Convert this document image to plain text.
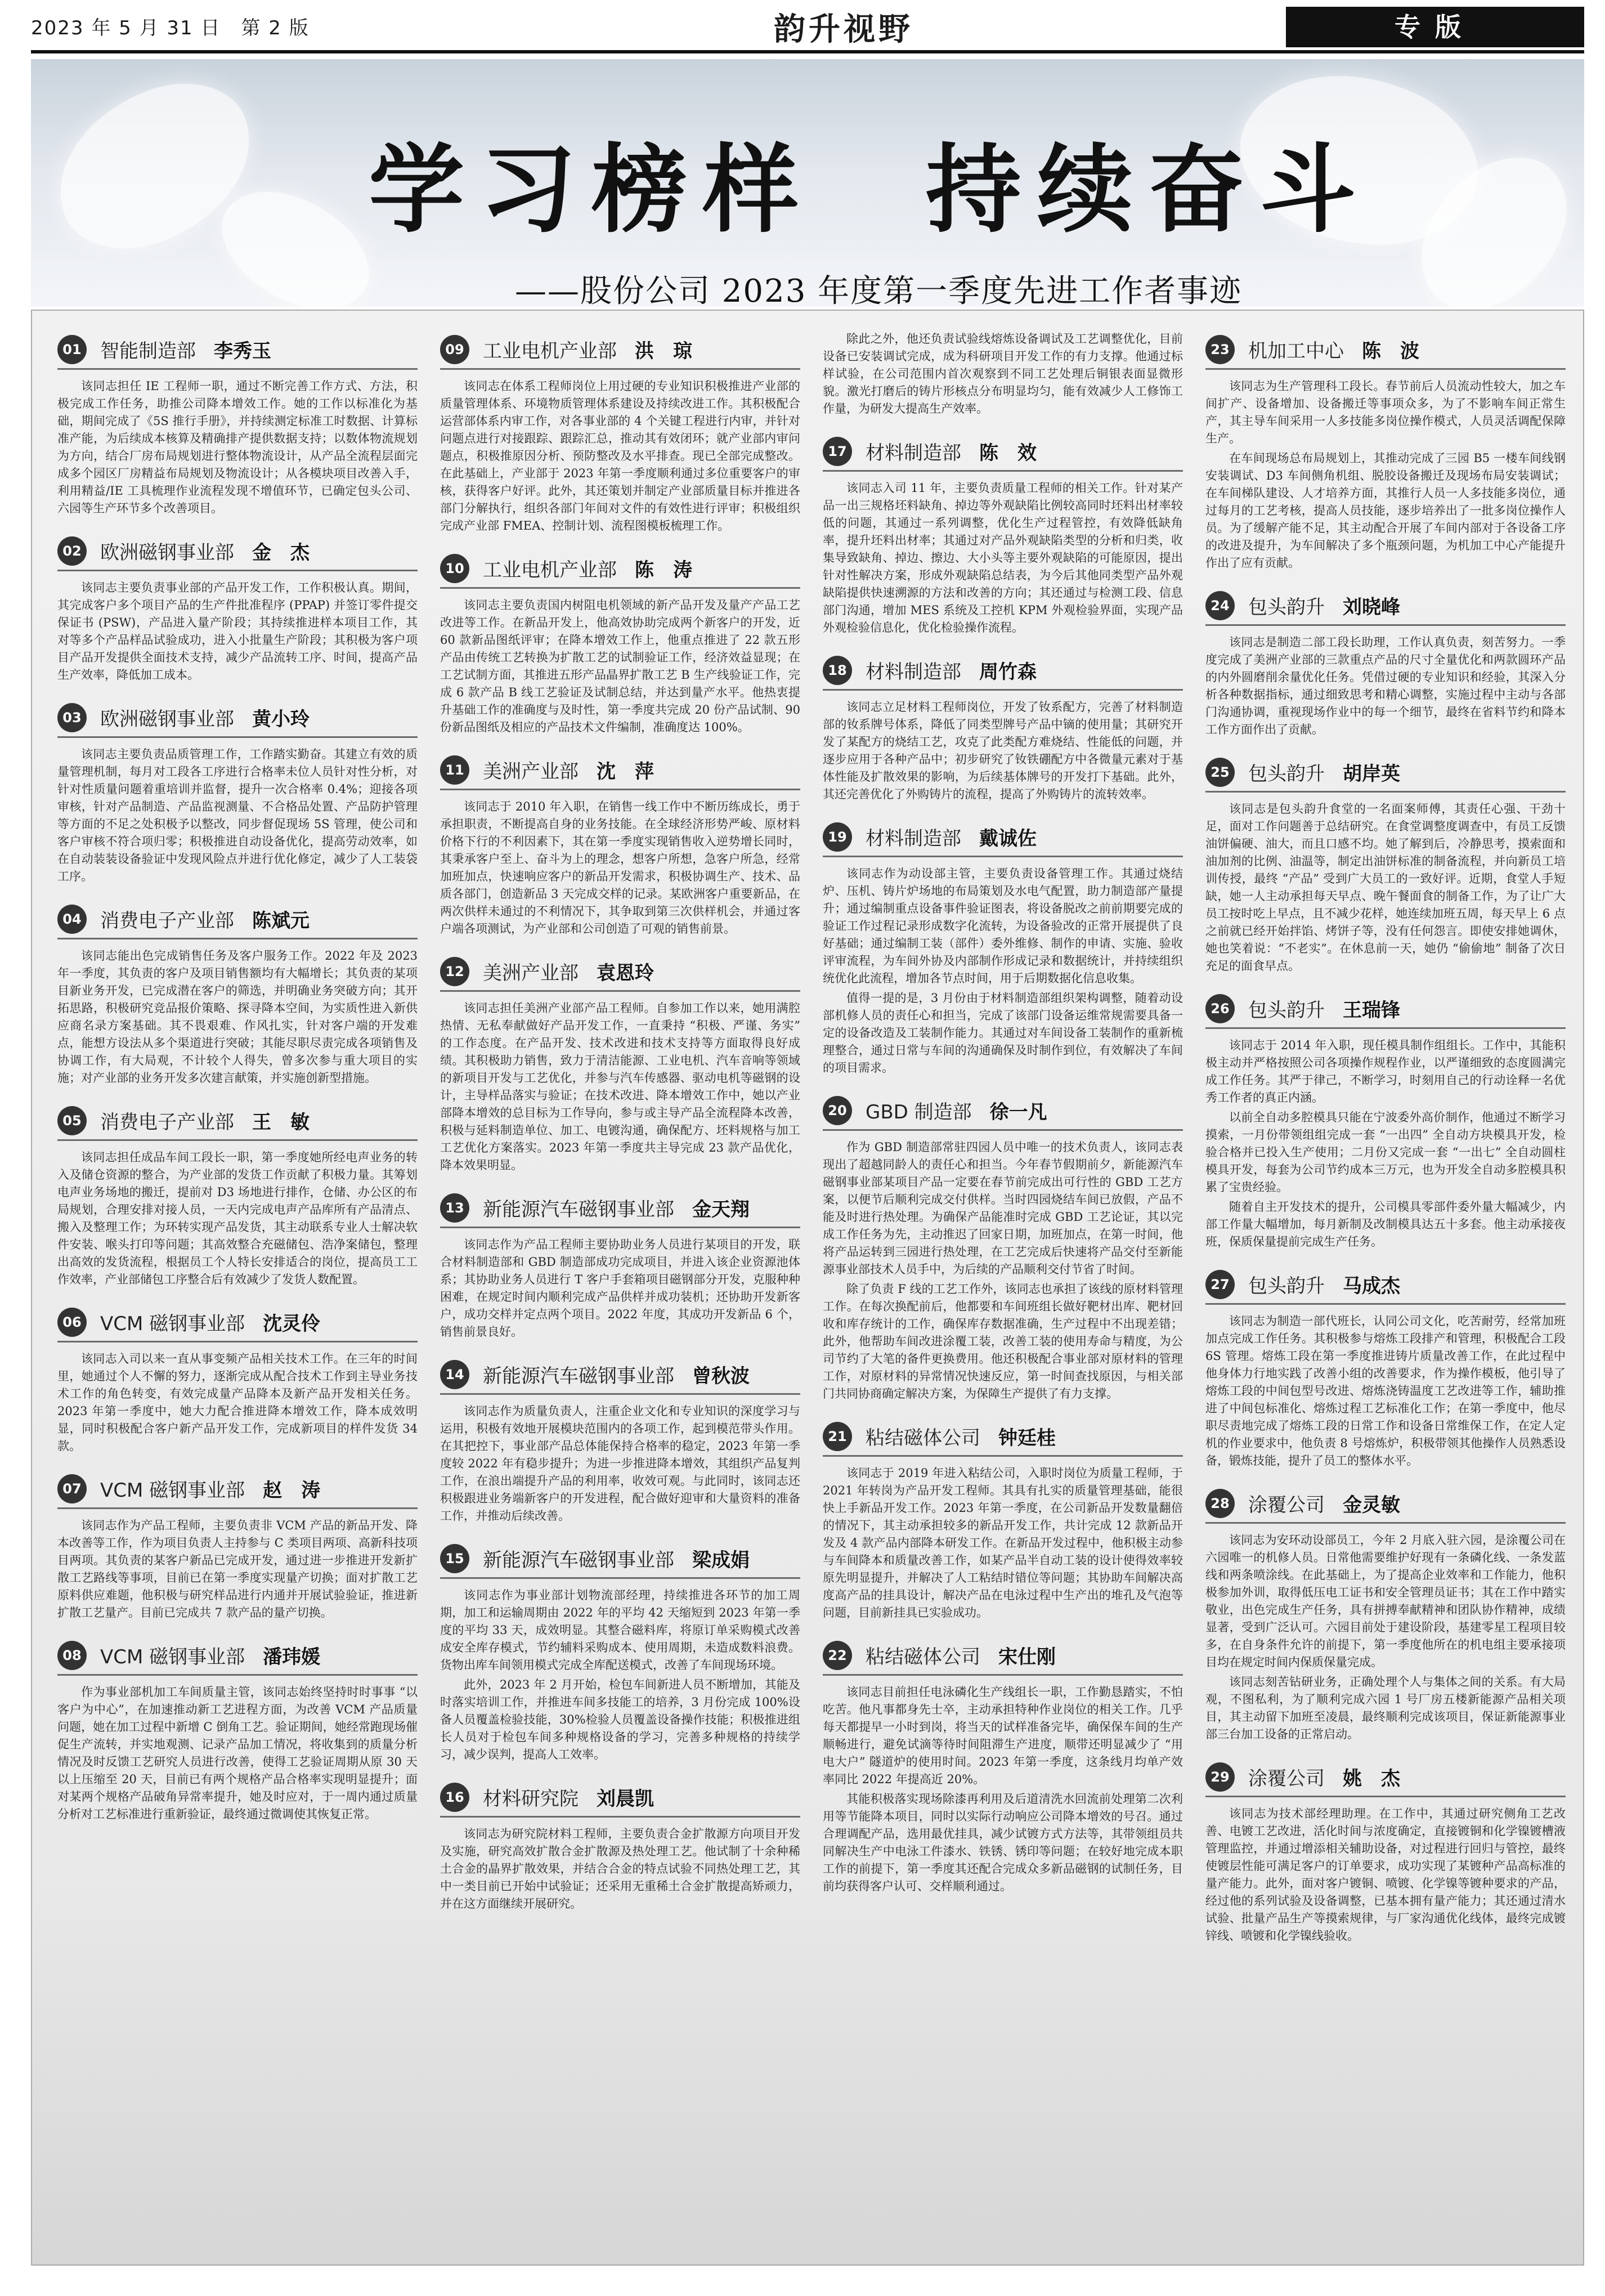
2023 年 5 月 31 日　第 2 版	韵升视野	专版
学习榜样　持续奋斗
——股份公司 2023 年度第一季度先进工作者事迹
01 智能制造部 李秀玉

该同志担任 IE 工程师一职，通过不断完善工作方式、方法，积极完成工作任务，助推公司降本增效工作。她的工作以标准化为基础，期间完成了《5S 推行手册》，并持续测定标准工时数据、计算标准产能，为后续成本核算及精确排产提供数据支持；以数体物流规划为方向，结合厂房布局规划进行整体物流设计，从产品全流程层面完成多个园区厂房精益布局规划及物流设计；从各模块项目改善入手，利用精益/IE 工具梳理作业流程发现不增值环节，已确定包头公司、六园等生产环节多个改善项目。

02 欧洲磁钢事业部 金　杰

该同志主要负责事业部的产品开发工作，工作积极认真。期间，其完成客户多个项目产品的生产件批准程序 (PPAP) 并签订零件提交保证书 (PSW)，产品进入量产阶段；其持续推进样本项目工作，其对等多个产品样品试验成功，进入小批量生产阶段；其积极为客户项目产品开发提供全面技术支持，减少产品流转工序、时间，提高产品生产效率，降低加工成本。

03 欧洲磁钢事业部 黄小玲

该同志主要负责品质管理工作，工作踏实勤奋。其建立有效的质量管理机制，每月对工段各工序进行合格率未位人员针对性分析，对针对性质量问题着重培训并监督，提升一次合格率 0.4%；迎接各项审核，针对产品制造、产品监视测量、不合格品处置、产品防护管理等方面的不足之处积极予以整改，同步督促现场 5S 管理，使公司和客户审核不符合项归零；积极推进自动设备优化，提高劳动效率，如在自动装装设备验证中发现风险点并进行优化修定，减少了人工装袋工序。

04 消费电子产业部 陈斌元

该同志能出色完成销售任务及客户服务工作。2022 年及 2023 年一季度，其负责的客户及项目销售额均有大幅增长；其负责的某项目新业务开发，已完成潜在客户的筛选，并明确业务突破方向；其开拓思路，积极研究竞品报价策略、探寻降本空间，为实质性进入新供应商名录方案基础。其不畏艰难、作风扎实，针对客户端的开发难点，能想方设法从多个渠道进行突破；其能尽职尽责完成各项销售及协调工作，有大局观，不计较个人得失，曾多次参与重大项目的实施；对产业部的业务开发多次建言献策，并实施创新型措施。

05 消费电子产业部 王　敏

该同志担任成品车间工段长一职，第一季度她所经电声业务的转入及储仓资源的整合，为产业部的发货工作贡献了积极力量。其筹划电声业务场地的搬迁，提前对 D3 场地进行排作，仓储、办公区的布局规划，合理安排对接人员，一天内完成电声产品库所有产品清点、搬入及整理工作；为环转实现产品发货，其主动联系专业人士解决软件安装、喉头打印等问题；其高效整合充磁储包、浩净案储包，整理出高效的发货流程，根据员工个人特长安排适合的岗位，提高员工工作效率，产业部储包工序整合后有效减少了发货人数配置。

06 VCM 磁钢事业部 沈灵伶

该同志入司以来一直从事变频产品相关技术工作。在三年的时间里，她通过个人不懈的努力，逐渐完成从配合技术工作到主导业务技术工作的角色转变，有效完成量产品降本及新产品开发相关任务。2023 年第一季度中，她大力配合推进降本增效工作，降本成效明显，同时积极配合客户新产品开发工作，完成新项目的样件发货 34 款。

07 VCM 磁钢事业部 赵　涛

该同志作为产品工程师，主要负责非 VCM 产品的新品开发、降本改善等工作，作为项目负责人主持参与 C 类项目两项、高新科技项目两项。其负责的某客户新品已完成开发，通过进一步推进开发新扩散工艺路线等事项，目前已在第一季度实现量产切换；面对扩散工艺原料供应难题，他积极与研究样品进行内通并开展试验验证，推进新扩散工艺量产。目前已完成共 7 款产品的量产切换。

08 VCM 磁钢事业部 潘玮媛

作为事业部机加工车间质量主管，该同志始终坚持时时事事 “以客户为中心”，在加速推动新工艺进程方面，为改善 VCM 产品质量问题，她在加工过程中新增 C 倒角工艺。验证期间，她经常跑现场催促生产流转，并实地观测、记录产品加工情况，将收集到的质量分析情况及时反馈工艺研究人员进行改善，使得工艺验证周期从原 30 天以上压缩至 20 天，目前已有两个规格产品合格率实现明显提升；面对某两个规格产品破角异常率提升，她及时应对，于一周内通过质量分析对工艺标准进行重新验证，最终通过微调使其恢复正常。

09 工业电机产业部 洪　琼

该同志在体系工程师岗位上用过硬的专业知识积极推进产业部的质量管理体系、环境物质管理体系建设及持续改进工作。其积极配合运营部体系内审工作，对各事业部的 4 个关键工程进行内审，并针对问题点进行对接跟踪、跟踪汇总，推动其有效闭环；就产业部内审问题点，积极推原因分析、预防整改及水平排查。现已全部完成整改。在此基础上，产业部于 2023 年第一季度顺利通过多位重要客户的审核，获得客户好评。此外，其还策划并制定产业部质量目标并推进各部门分解执行，组织各部门年间对文件的有效性进行评审；积极组织完成产业部 FMEA、控制计划、流程图模板梳理工作。

10 工业电机产业部 陈　涛

该同志主要负责国内树阻电机领域的新产品开发及量产产品工艺改进等工作。在新品开发上，他高效协助完成两个新客户的开发，近 60 款新品图纸评审；在降本增效工作上，他重点推进了 22 款五形产品由传统工艺转换为扩散工艺的试制验证工作，经济效益显现；在工艺试制方面，其推进五形产品晶界扩散工艺 B 生产线验证工作，完成 6 款产品 B 线工艺验证及试制总结，并达到量产水平。他热衷提升基础工作的准确度与及时性，第一季度共完成 20 份产品试制、90 份新品图纸及相应的产品技术文件编制，准确度达 100%。

11 美洲产业部 沈　萍

该同志于 2010 年入职，在销售一线工作中不断历练成长，勇于承担职责，不断提高自身的业务技能。在全球经济形势严峻、原材料价格下行的不利因素下，其在第一季度实现销售收入逆势增长同时，其秉承客户至上、奋斗为上的理念，想客户所想，急客户所急，经常加班加点，快速响应客户的新品开发需求，积极协调生产、技术、品质各部门，创造新品 3 天完成交样的记录。某欧洲客户重要新品，在两次供样未通过的不利情况下，其争取到第三次供样机会，并通过客户端各项测试，为产业部和公司创造了可观的销售前景。

12 美洲产业部 袁恩玲

该同志担任美洲产业部产品工程师。自参加工作以来，她用满腔热情、无私奉献做好产品开发工作，一直秉持 “积极、严谨、务实” 的工作态度。在产品开发、技术改进和技术支持等方面取得良好成绩。其积极助力销售，致力于清洁能源、工业电机、汽车音响等领域的新项目开发与工艺优化，并参与汽车传感器、驱动电机等磁钢的设计，主导样品落实与验证；在技术改进、降本增效工作中，她以产业部降本增效的总目标为工作导向，参与或主导产品全流程降本改善，积极与延料制造单位、加工、电镀沟通，确保配方、坯料规格与加工工艺优化方案落实。2023 年第一季度共主导完成 23 款产品优化，降本效果明显。

13 新能源汽车磁钢事业部 金天翔

该同志作为产品工程师主要协助业务人员进行某项目的开发，联合材料制造部和 GBD 制造部成功完成项目，并进入该企业资源池体系；其协助业务人员进行 T 客户手套箱项目磁钢部分开发，克服种种困难，在规定时间内顺利完成产品供样并成功装机；还协助开发新客户，成功交样并定点两个项目。2022 年度，其成功开发新品 6 个，销售前景良好。

14 新能源汽车磁钢事业部 曾秋波

该同志作为质量负责人，注重企业文化和专业知识的深度学习与运用，积极有效地开展模块范围内的各项工作，起到模范带头作用。在其把控下，事业部产品总体能保持合格率的稳定，2023 年第一季度较 2022 年有稳步提升；为进一步推进降本增效，其组织产品复判工作，在浪出端提升产品的利用率，收效可观。与此同时，该同志还积极跟进业务端新客户的开发进程，配合做好迎审和大量资料的准备工作，并推动后续改善。

15 新能源汽车磁钢事业部 梁成娟

该同志作为事业部计划物流部经理，持续推进各环节的加工周期，加工和运输周期由 2022 年的平均 42 天缩短到 2023 年第一季度的平均 33 天，成效明显。其整合磁料库，将原订单采购模式改善成安全库存模式，节约辅料采购成本、使用周期，未造成数料浪费。货物出库车间领用模式完成全库配送模式，改善了车间现场环境。

此外，2023 年 2 月开始，检包车间新进人员不断增加，其能及时落实培训工作，并推进车间多技能工的培养，3 月份完成 100%设备人员覆盖检验技能，30%检验人员覆盖设备操作技能；积极推进组长人员对于检包车间多种规格设备的学习，完善多种规格的持续学习，减少误判，提高人工效率。

16 材料研究院 刘晨凯

该同志为研究院材料工程师，主要负责合金扩散源方向项目开发及实施，研究高效扩散合金扩散源及热处理工艺。他试制了十余种稀土合金的晶界扩散效果，并结合合金的特点试验不同热处理工艺，其中一类目前已开始中试验证；还采用无重稀土合金扩散提高矫顽力，并在这方面继续开展研究。

除此之外，他还负责试验线熔炼设备调试及工艺调整优化，目前设备已安装调试完成，成为科研项目开发工作的有力支撑。他通过标样试验，在公司范围内首次观察到不同工艺处理后铜银表面显微形貌。激光打磨后的铸片形核点分布明显均匀，能有效减少人工修饰工作量，为研发大提高生产效率。

17 材料制造部 陈　效

该同志入司 11 年，主要负责质量工程师的相关工作。针对某产品一出三规格坯料缺角、掉边等外观缺陷比例较高同时坯料出材率较低的问题，其通过一系列调整，优化生产过程管控，有效降低缺角率，提升坯料出材率；其通过对产品外观缺陷类型的分析和归类，收集导致缺角、掉边、擦边、大小头等主要外观缺陷的可能原因，提出针对性解决方案，形成外观缺陷总结表，为今后其他同类型产品外观缺陷提供快速溯源的方法和改善的方向；其还通过与检测工段、信息部门沟通，增加 MES 系统及工控机 KPM 外观检验界面，实现产品外观检验信息化，优化检验操作流程。

18 材料制造部 周竹森

该同志立足材料工程师岗位，开发了钕系配方，完善了材料制造部的钕系牌号体系，降低了同类型牌号产品中镝的使用量；其研究开发了某配方的烧结工艺，攻克了此类配方难烧结、性能低的问题，并逐步应用于各种产品中；初步研究了钕铁硼配方中各微量元素对于基体性能及扩散效果的影响，为后续基体牌号的开发打下基础。此外，其还完善优化了外购铸片的流程，提高了外购铸片的流转效率。

19 材料制造部 戴诚佐

该同志作为动设部主管，主要负责设备管理工作。其通过烧结炉、压机、铸片炉场地的布局策划及水电气配置，助力制造部产量提升；通过编制重点设备事件验证图表，将设备脱改之前前期要完成的验证工作过程记录形成数字化流转，为设备验改的正常开展提供了良好基础；通过编制工装（部件）委外维修、制作的申请、实施、验收评审流程，为车间外协及内部制作形成记录和数据统计，并持续组织统优化此流程，增加各节点时间，用于后期数据化信息收集。

值得一提的是，3 月份由于材料制造部组织架构调整，随着动设部机修人员的责任心和担当，完成了该部门设备运维常规需要具备一定的设备改造及工装制作能力。其通过对车间设备工装制作的重新梳理整合，通过日常与车间的沟通确保及时制作到位，有效解决了车间的项目需求。

20 GBD 制造部 徐一凡

作为 GBD 制造部常驻四园人员中唯一的技术负责人，该同志表现出了超越同龄人的责任心和担当。今年春节假期前夕，新能源汽车磁钢事业部某项目产品一定要在春节前完成出可行性的 GBD 工艺方案，以便节后顺利完成交付供样。当时四园烧结车间已放假，产品不能及时进行热处理。为确保产品能准时完成 GBD 工艺论证，其以完成工作任务为先，主动推迟了回家日期，加班加点，在第一时间，他将产品运转到三园进行热处理，在工艺完成后快速将产品交付至新能源事业部技术人员手中，为后续的产品顺利交付节省了时间。

除了负责 F 线的工艺工作外，该同志也承担了该线的原材料管理工作。在每次换配前后，他都要和车间班组长做好靶材出库、靶材回收和库存统计的工作，确保库存数据准确，生产过程中不出现差错；此外，他帮助车间改进涂覆工装，改善工装的使用寿命与精度，为公司节约了大笔的备件更换费用。他还积极配合事业部对原材料的管理工作，对原材料的异常情况快速反应，第一时间查找原因，与相关部门共同协商确定解决方案，为保障生产提供了有力支撑。

21 粘结磁体公司 钟廷桂

该同志于 2019 年进入粘结公司，入职时岗位为质量工程师，于 2021 年转岗为产品开发工程师。其具有扎实的质量管理基础，能很快上手新品开发工作。2023 年第一季度，在公司新品开发数量翻倍的情况下，其主动承担较多的新品开发工作，共计完成 12 款新品开发及 4 款产品内部降本研发工作。在新品开发过程中，他积极主动参与车间降本和质量改善工作，如某产品半自动工装的设计使得效率较原先明显提升，并解决了人工粘结时错位等问题；其协助车间解决高度高产品的挂具设计，解决产品在电泳过程中生产出的堆孔及气泡等问题，目前新挂具已实验成功。

22 粘结磁体公司 宋仕刚

该同志目前担任电泳磷化生产线组长一职，工作勤恳踏实，不怕吃苦。他凡事都身先士卒，主动承担特种作业岗位的相关工作。几乎每天都提早一小时到岗，将当天的试样准备完毕，确保保车间的生产顺畅进行，避免试滴等待时间阻滞生产进度，顺带还明显减少了 “用电大户” 隧道炉的使用时间。2023 年第一季度，这条线月均单产效率同比 2022 年提高近 20%。

其能积极落实现场除漆再利用及后道清洗水回流前处理第二次利用等节能降本项目，同时以实际行动响应公司降本增效的号召。通过合理调配产品，选用最优挂具，减少试镀方式方法等，其带领组员共同解决生产中电泳工件漆水、铁锈、锈印等问题；在较好地完成本职工作的前提下，第一季度其还配合完成众多新品磁钢的试制任务，目前均获得客户认可、交样顺利通过。

23 机加工中心 陈　波

该同志为生产管理科工段长。春节前后人员流动性较大，加之车间扩产、设备增加、设备搬迁等事项众多，为了不影响车间正常生产，其主导车间采用一人多技能多岗位操作模式，人员灵活调配保障生产。

在车间现场总布局规划上，其推动完成了三园 B5 一楼车间线钢安装调试、D3 车间侧角机组、脱胶设备搬迁及现场布局安装调试；在车间梯队建设、人才培养方面，其推行人员一人多技能多岗位，通过每月的工艺考核，提高人员技能，逐步培养出了一批多岗位操作人员。为了缓解产能不足，其主动配合开展了车间内部对于各设备工序的改进及提升，为车间解决了多个瓶颈问题，为机加工中心产能提升作出了应有贡献。

24 包头韵升 刘晓峰

该同志是制造二部工段长助理，工作认真负责，刻苦努力。一季度完成了美洲产业部的三款重点产品的尺寸全量优化和两款圆环产品的内外圆磨削余量优化任务。凭借过硬的专业知识和经验，其深入分析各种数据指标，通过细致思考和精心调整，实施过程中主动与各部门沟通协调，重视现场作业中的每一个细节，最终在省料节约和降本工作方面作出了贡献。

25 包头韵升 胡岸英

该同志是包头韵升食堂的一名面案师傅，其责任心强、干劲十足，面对工作问题善于总结研究。在食堂调整度调查中，有员工反馈油饼偏硬、油大，而且口感不均。她了解到后，冷静思考，摸索面和油加剂的比例、油温等，制定出油饼标准的制备流程，并向新员工培训传授，最终 “产品” 受到广大员工的一致好评。近期，食堂人手短缺，她一人主动承担每天早点、晚午餐面食的制备工作，为了让广大员工按时吃上早点，且不减少花样，她连续加班五周，每天早上 6 点之前就已经开始拌馅、烤饼子等，没有任何怨言。即使安排她调休，她也笑着说：“不老实”。在休息前一天，她仍 “偷偷地” 制备了次日充足的面食早点。

26 包头韵升 王瑞锋

该同志于 2014 年入职，现任模具制作组组长。工作中，其能积极主动并严格按照公司各项操作规程作业，以严谨细致的态度圆满完成工作任务。其严于律己，不断学习，时刻用自己的行动诠释一名优秀工作者的真正内涵。

以前全自动多腔模具只能在宁波委外高价制作，他通过不断学习摸索，一月份带领组组完成一套 “一出四” 全自动方块模具开发，检验合格并已投入生产使用；二月份又完成一套 “一出七” 全自动圆柱模具开发，每套为公司节约成本三万元，也为开发全自动多腔模具积累了宝贵经验。

随着自主开发技术的提升，公司模具零部件委外量大幅减少，内部工作量大幅增加，每月新制及改制模具达五十多套。他主动承接夜班，保质保量提前完成生产任务。

27 包头韵升 马成杰

该同志为制造一部代班长，认同公司文化，吃苦耐劳，经常加班加点完成工作任务。其积极参与熔炼工段排产和管理，积极配合工段 6S 管理。熔炼工段在第一季度推进铸片质量改善工作，在此过程中他身体力行地实践了改善小组的改善要求，作为操作模板，他引导了熔炼工段的中间包型号改进、熔炼浇铸温度工艺改进等工作，辅助推进了中间包标准化、熔炼过程工艺标准化工作；在第一季度中，他尽职尽责地完成了熔炼工段的日常工作和设备日常维保工作，在定人定机的作业要求中，他负责 8 号熔炼炉，积极带领其他操作人员熟悉设备，锻炼技能，提升了员工的整体水平。

28 涂覆公司 金灵敏

该同志为安环动设部员工，今年 2 月底入驻六园，是涂覆公司在六园唯一的机修人员。日常他需要维护好现有一条磷化线、一条发蓝线和两条喷涂线。在此基础上，为了提高企业效率和工作能力，他积极参加外训，取得低压电工证书和安全管理员证书；其在工作中踏实敬业，出色完成生产任务，具有拼搏奉献精神和团队协作精神，成绩显著，受到广泛认可。六园目前处于建设阶段，基建零星工程项目较多，在自身条件允许的前提下，第一季度他所在的机电组主要承接项目均在规定时间内保质保量完成。

该同志刻苦钻研业务，正确处理个人与集体之间的关系。有大局观，不图私利，为了顺利完成六园 1 号厂房五楼新能源产品相关项目，其主动留下加班至凌晨，最终顺利完成该项目，保证新能源事业部三台加工设备的正常启动。

29 涂覆公司 姚　杰

该同志为技术部经理助理。在工作中，其通过研究侧角工艺改善、电镀工艺改进，活化时间与浓度确定，直接镀铜和化学镍镀槽液管理监控，并通过增添相关辅助设备，对过程进行回归与管控，最终使镀层性能可满足客户的订单要求，成功实现了某镀种产品高标准的量产能力。此外，面对客户镀铜、喷镀、化学镍等镀种要求的产品，经过他的系列试验及设备调整，已基本拥有量产能力；其还通过清水试验、批量产品生产等摸索规律，与厂家沟通优化线体，最终完成镀锌线、喷镀和化学镍线验收。
